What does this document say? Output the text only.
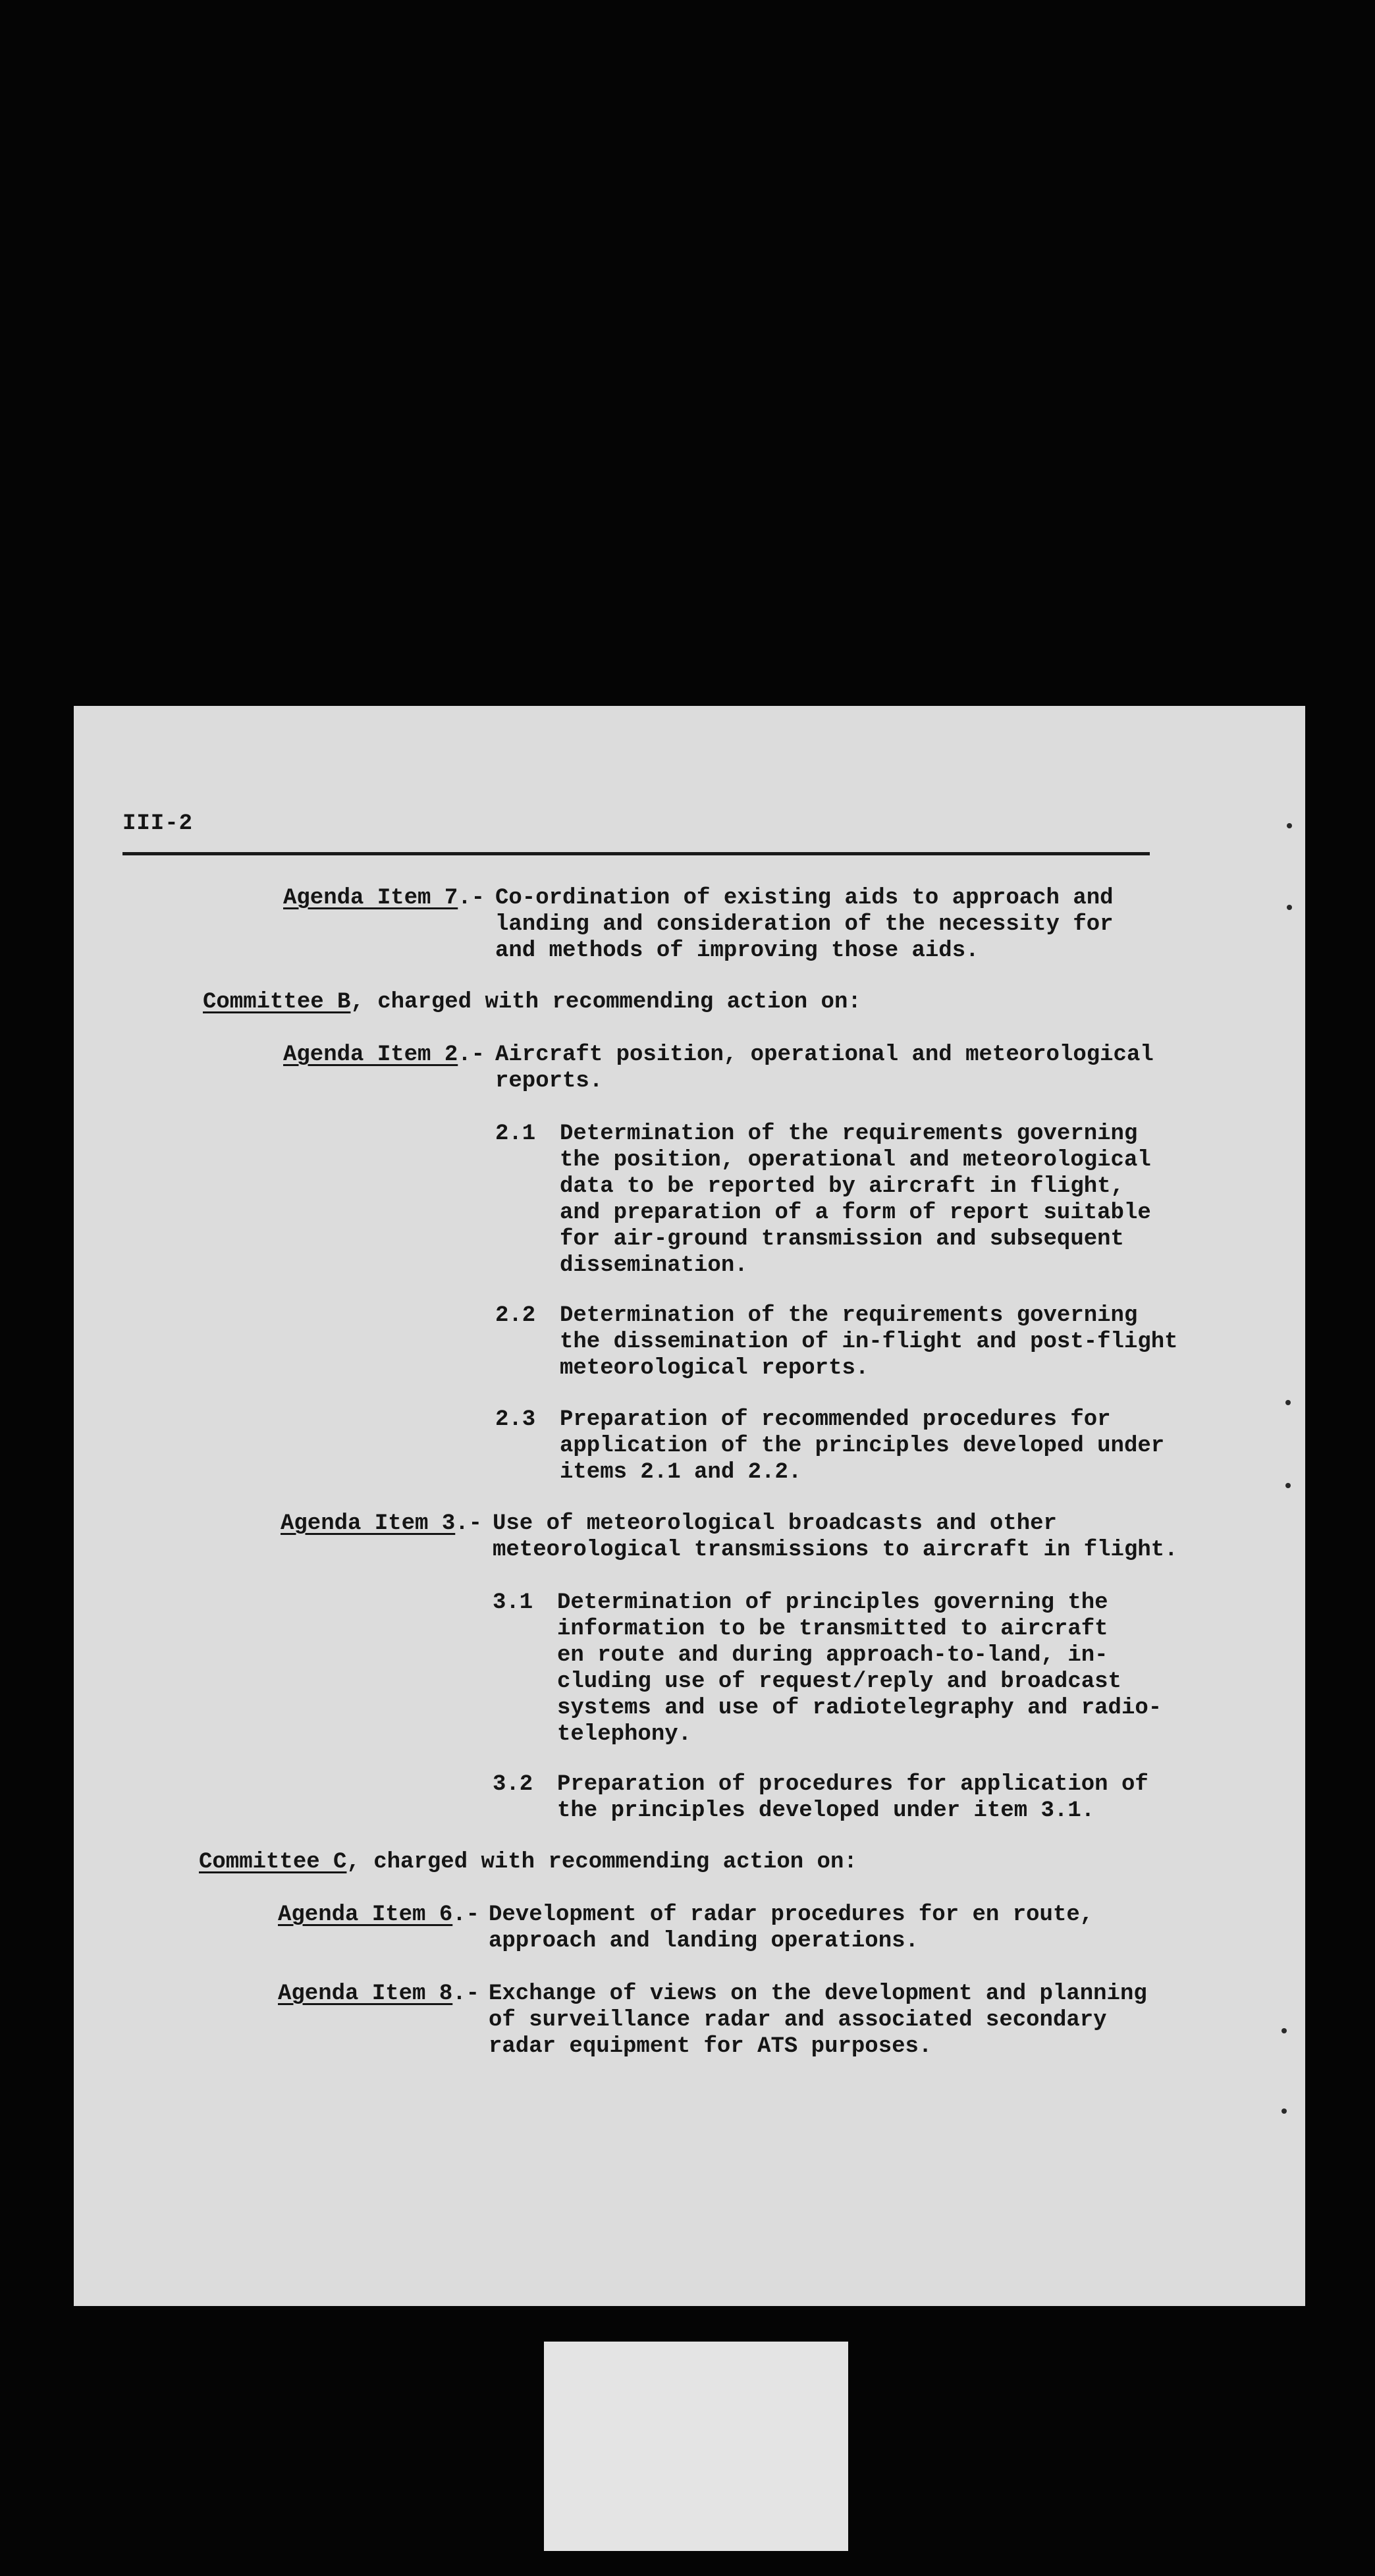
III-2
Agenda Item 7.- Co-ordination of existing aids to approach and
landing and consideration of the necessity for
and methods of improving those aids.
Committee B, charged with recommending action on:
Agenda Item 2.- Aircraft position, operational and meteorological
reports.
2.1 Determination of the requirements governing
the position, operational and meteorological
data to be reported by aircraft in flight,
and preparation of a form of report suitable
for air-ground transmission and subsequent
dissemination.
2.2 Determination of the requirements governing
the dissemination of in-flight and post-flight
meteorological reports.
2.3 Preparation of recommended procedures for
application of the principles developed under
items 2.1 and 2.2.
Agenda Item 3.- Use of meteorological broadcasts and other
meteorological transmissions to aircraft in flight.
3.1 Determination of principles governing the
information to be transmitted to aircraft
en route and during approach-to-land, in-
cluding use of request/reply and broadcast
systems and use of radiotelegraphy and radio-
telephony.
3.2 Preparation of procedures for application of
the principles developed under item 3.1.
Committee C, charged with recommending action on:
Agenda Item 6.- Development of radar procedures for en route,
approach and landing operations.
Agenda Item 8.- Exchange of views on the development and planning
of surveillance radar and associated secondary
radar equipment for ATS purposes.
